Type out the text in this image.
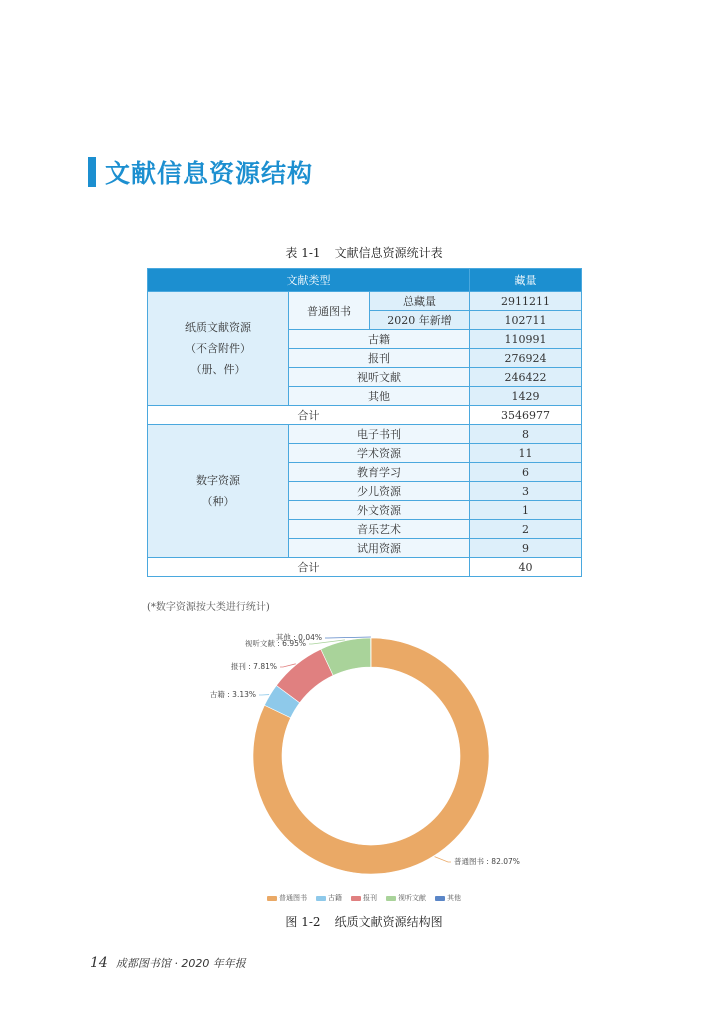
文献信息资源结构
表 1-1 文献信息资源统计表
文献类型			藏量
纸质文献资源
（不含附件）
（册、件）	普通图书	总藏量	2911211
		2020 年新增	102711
	古籍		110991
	报刊		276924
	视听文献		246422
	其他		1429
合计			3546977
数字资源
（种）	电子书刊		8
	学术资源		11
	教育学习		6
	少儿资源		3
	外文资源		1
	音乐艺术		2
	试用资源		9
合计			40
(*数字资源按大类进行统计)
普通图书 : 82.07%
古籍 : 3.13%
报刊 : 7.81%
视听文献 : 6.95%
其他 : 0.04%
普通图书	古籍	报刊	视听文献	其他
图 1-2 纸质文献资源结构图
14 成都图书馆 · 2020 年年报
